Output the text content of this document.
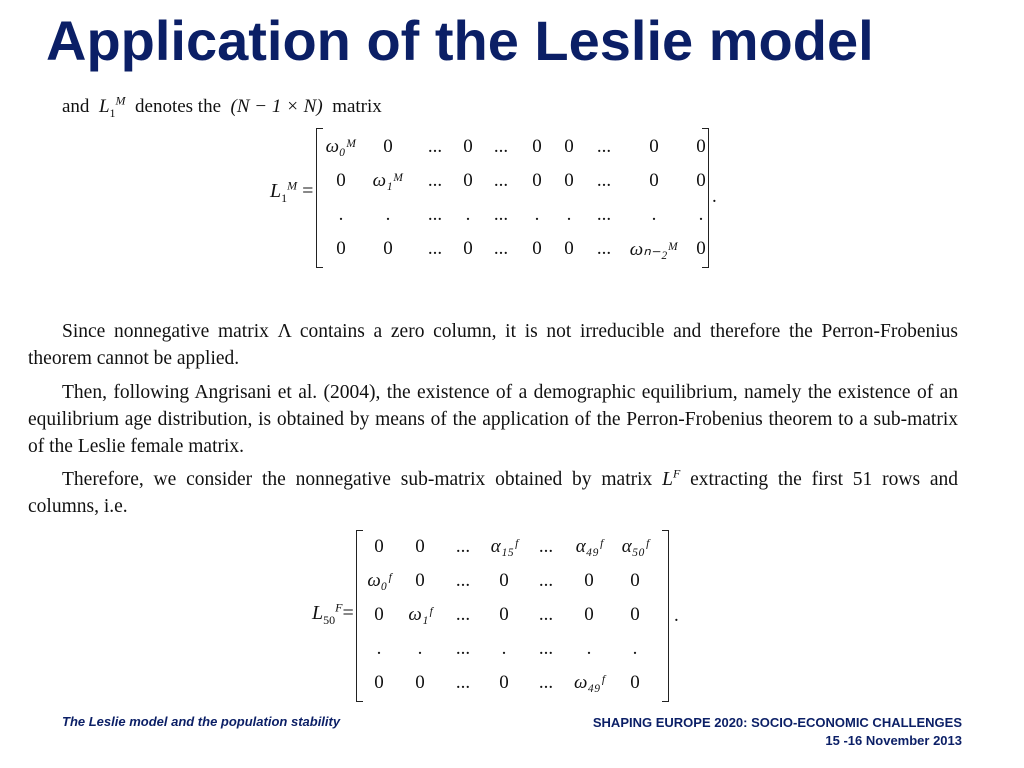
Application of the Leslie model
and $L_1^M$ denotes the (N − 1 × N) matrix
$L_1^M$ =
ω₀ᴹ	0	...	0	...	0	0	...	0	0
0	ω₁ᴹ	...	0	...	0	0	...	0	0
.	.	...	.	...	.	.	...	.	.
0	0	...	0	...	0	0	...	ωₙ₋₂ᴹ	0
.

Since nonnegative matrix Λ contains a zero column, it is not irreducible and therefore the Perron-Frobenius theorem cannot be applied.

Then, following Angrisani et al. (2004), the existence of a demographic equilibrium, namely the existence of an equilibrium age distribution, is obtained by means of the application of the Perron-Frobenius theorem to a sub-matrix of the Leslie female matrix.

Therefore, we consider the nonnegative sub-matrix obtained by matrix $L^F$ extracting the first 51 rows and columns, i.e.

$L_{50}^F=$
0	0	...	α₁₅ᶠ	...	α₄₉ᶠ	α₅₀ᶠ
ω₀ᶠ	0	...	0	...	0	0
0	ω₁ᶠ	...	0	...	0	0
.	.	...	.	...	.	.
0	0	...	0	...	ω₄₉ᶠ	0
.
The Leslie model and the population stability	SHAPING EUROPE 2020: SOCIO-ECONOMIC CHALLENGES
15 -16 November 2013
